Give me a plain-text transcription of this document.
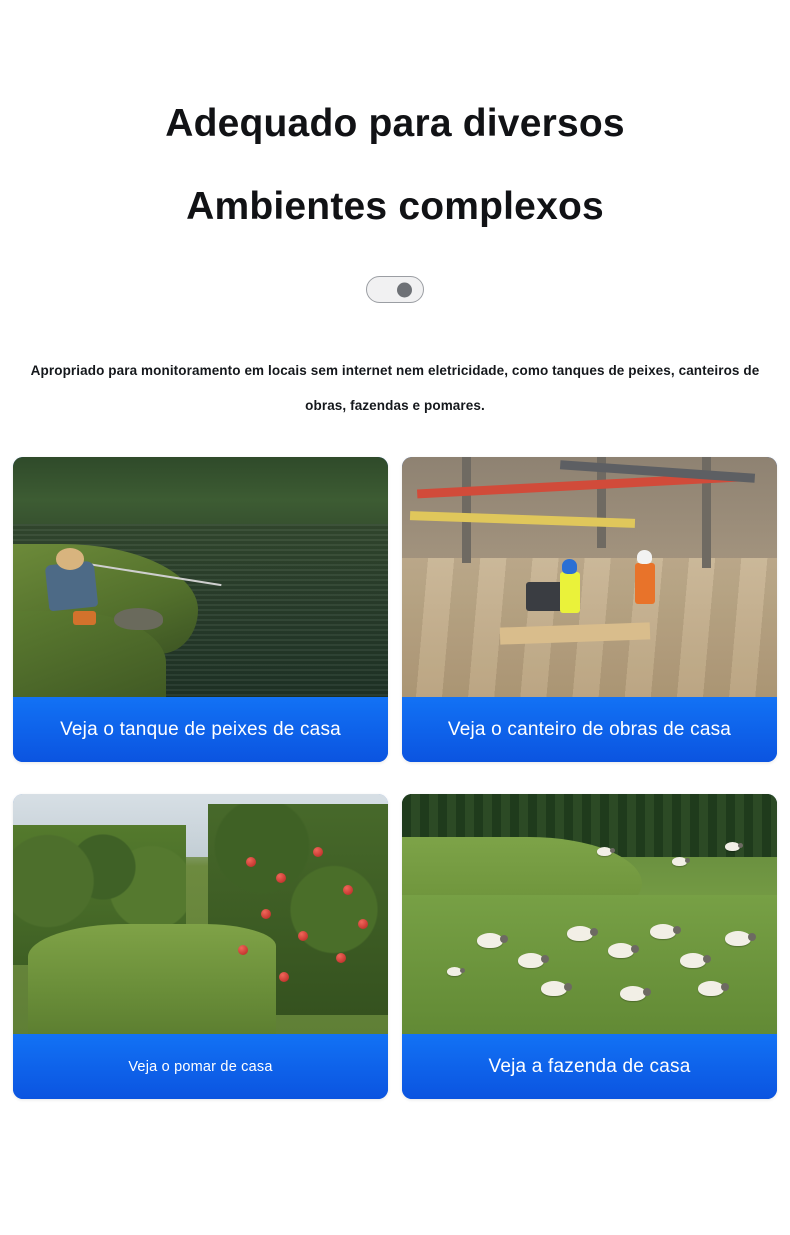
Adequado para diversos
Ambientes complexos
Apropriado para monitoramento em locais sem internet nem eletricidade, como tanques de peixes, canteiros de obras, fazendas e pomares.
Veja o tanque de peixes de casa	Veja o canteiro de obras de casa
Veja o pomar de casa	Veja a fazenda de casa
